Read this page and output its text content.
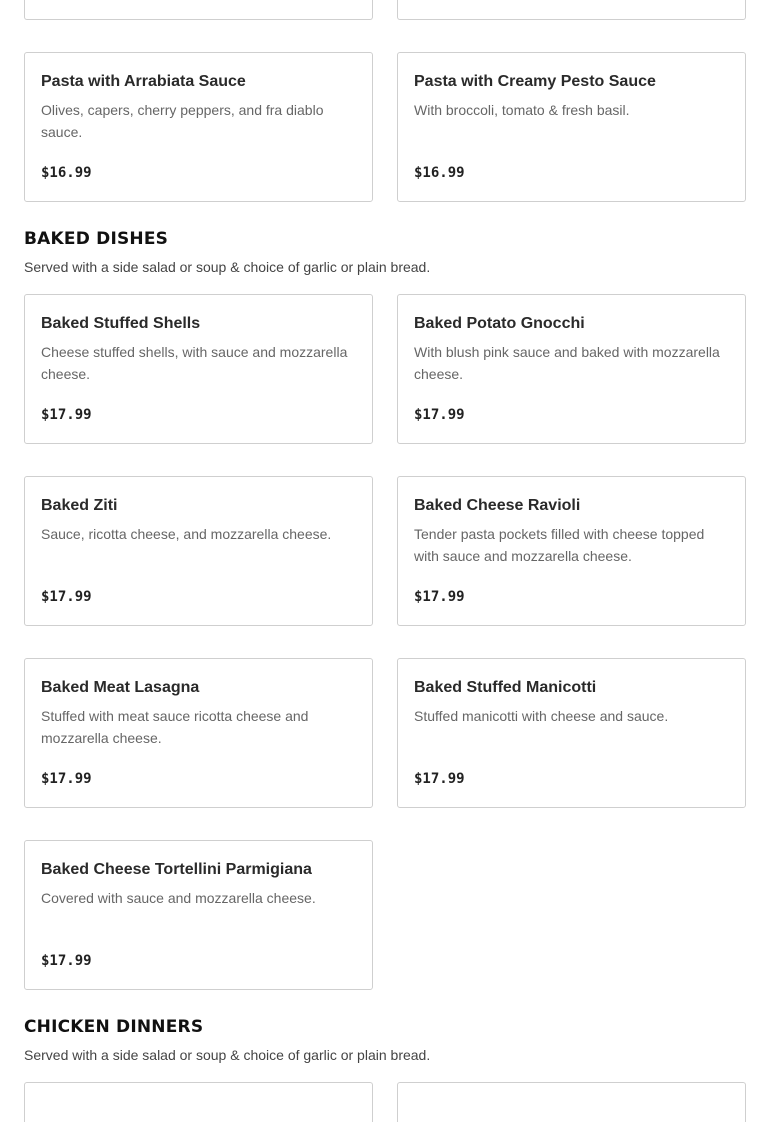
Pasta with Arrabiata Sauce

Olives, capers, cherry peppers, and fra diablo sauce.

$16.99

Pasta with Creamy Pesto Sauce

With broccoli, tomato & fresh basil.

$16.99
BAKED DISHES

Served with a side salad or soup & choice of garlic or plain bread.

Baked Stuffed Shells

Cheese stuffed shells, with sauce and mozzarella cheese.

$17.99

Baked Potato Gnocchi

With blush pink sauce and baked with mozzarella cheese.

$17.99

Baked Ziti

Sauce, ricotta cheese, and mozzarella cheese.

$17.99

Baked Cheese Ravioli

Tender pasta pockets filled with cheese topped with sauce and mozzarella cheese.

$17.99

Baked Meat Lasagna

Stuffed with meat sauce ricotta cheese and mozzarella cheese.

$17.99

Baked Stuffed Manicotti

Stuffed manicotti with cheese and sauce.

$17.99

Baked Cheese Tortellini Parmigiana

Covered with sauce and mozzarella cheese.

$17.99
CHICKEN DINNERS

Served with a side salad or soup & choice of garlic or plain bread.
